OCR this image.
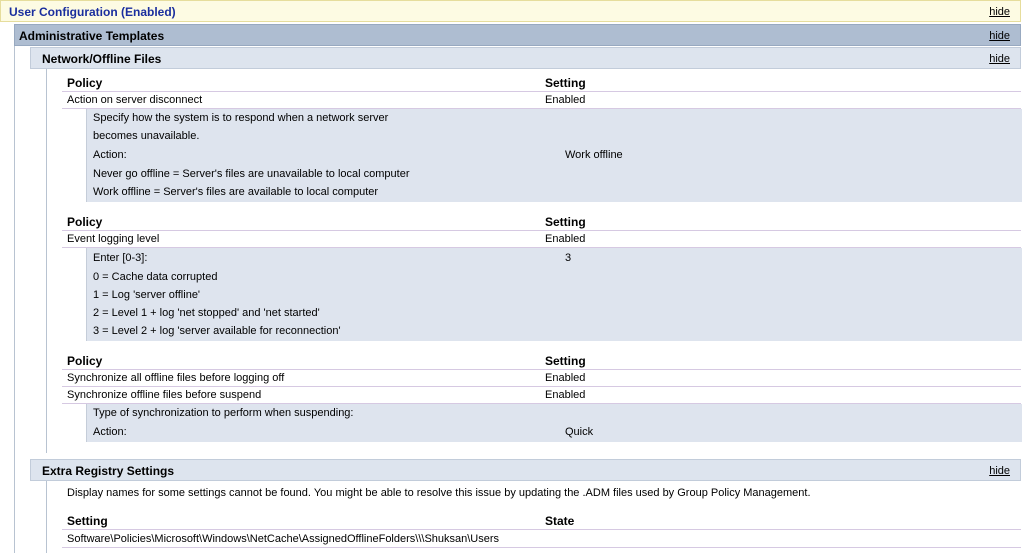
User Configuration (Enabled)	hide
Administrative Templates	hide
Network/Offline Files	hide
Policy	Setting
Action on server disconnect	Enabled
Specify how the system is to respond when a network server
becomes unavailable.
Action:	Work offline
Never go offline = Server's files are unavailable to local computer
Work offline = Server's files are available to local computer
Policy	Setting
Event logging level	Enabled
Enter [0-3]:	3
0 = Cache data corrupted
1 = Log 'server offline'
2 = Level 1 + log 'net stopped' and 'net started'
3 = Level 2 + log 'server available for reconnection'
Policy	Setting
Synchronize all offline files before logging off	Enabled
Synchronize offline files before suspend	Enabled
Type of synchronization to perform when suspending:
Action:	Quick
Extra Registry Settings	hide
Display names for some settings cannot be found. You might be able to resolve this issue by updating the .ADM files used by Group Policy Management.
Setting	State
Software\Policies\Microsoft\Windows\NetCache\AssignedOfflineFolders\\\Shuksan\Users
